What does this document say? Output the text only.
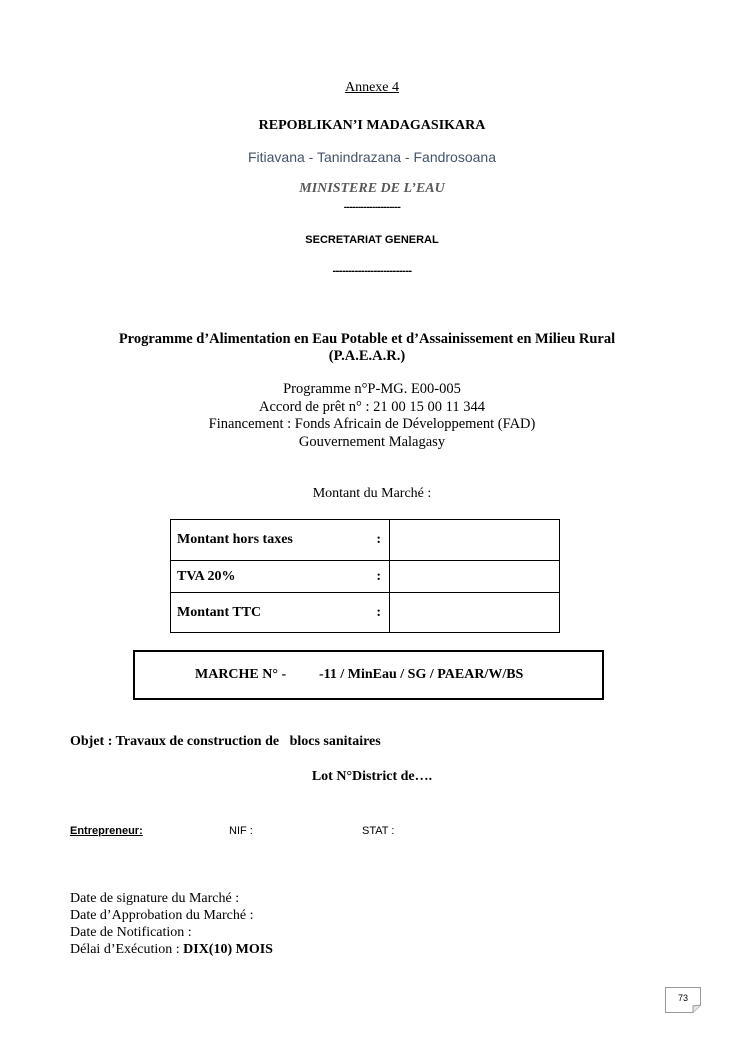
Annexe 4
REPOBLIKAN’I MADAGASIKARA
Fitiavana - Tanindrazana - Fandrosoana
MINISTERE DE L’EAU
--------------------
SECRETARIAT GENERAL
-------------------------
Programme d’Alimentation en Eau Potable et d’Assainissement en Milieu Rural (P.A.E.A.R.)
Programme n°P-MG. E00-005
Accord de prêt n° : 21 00 15 00 11 344
Financement : Fonds Africain de Développement (FAD)
Gouvernement Malagasy
Montant du Marché :
Montant hors taxes :	

TVA 20% :	

Montant TTC :	

MARCHE N° - -11 / MinEau / SG / PAEAR/W/BS
Objet : Travaux de construction de   blocs sanitaires
Lot N°District de….
Entrepreneur:	NIF :	STAT :
Date de signature du Marché :
Date d’Approbation du Marché :
Date de Notification :
Délai d’Exécution : DIX(10) MOIS
73
